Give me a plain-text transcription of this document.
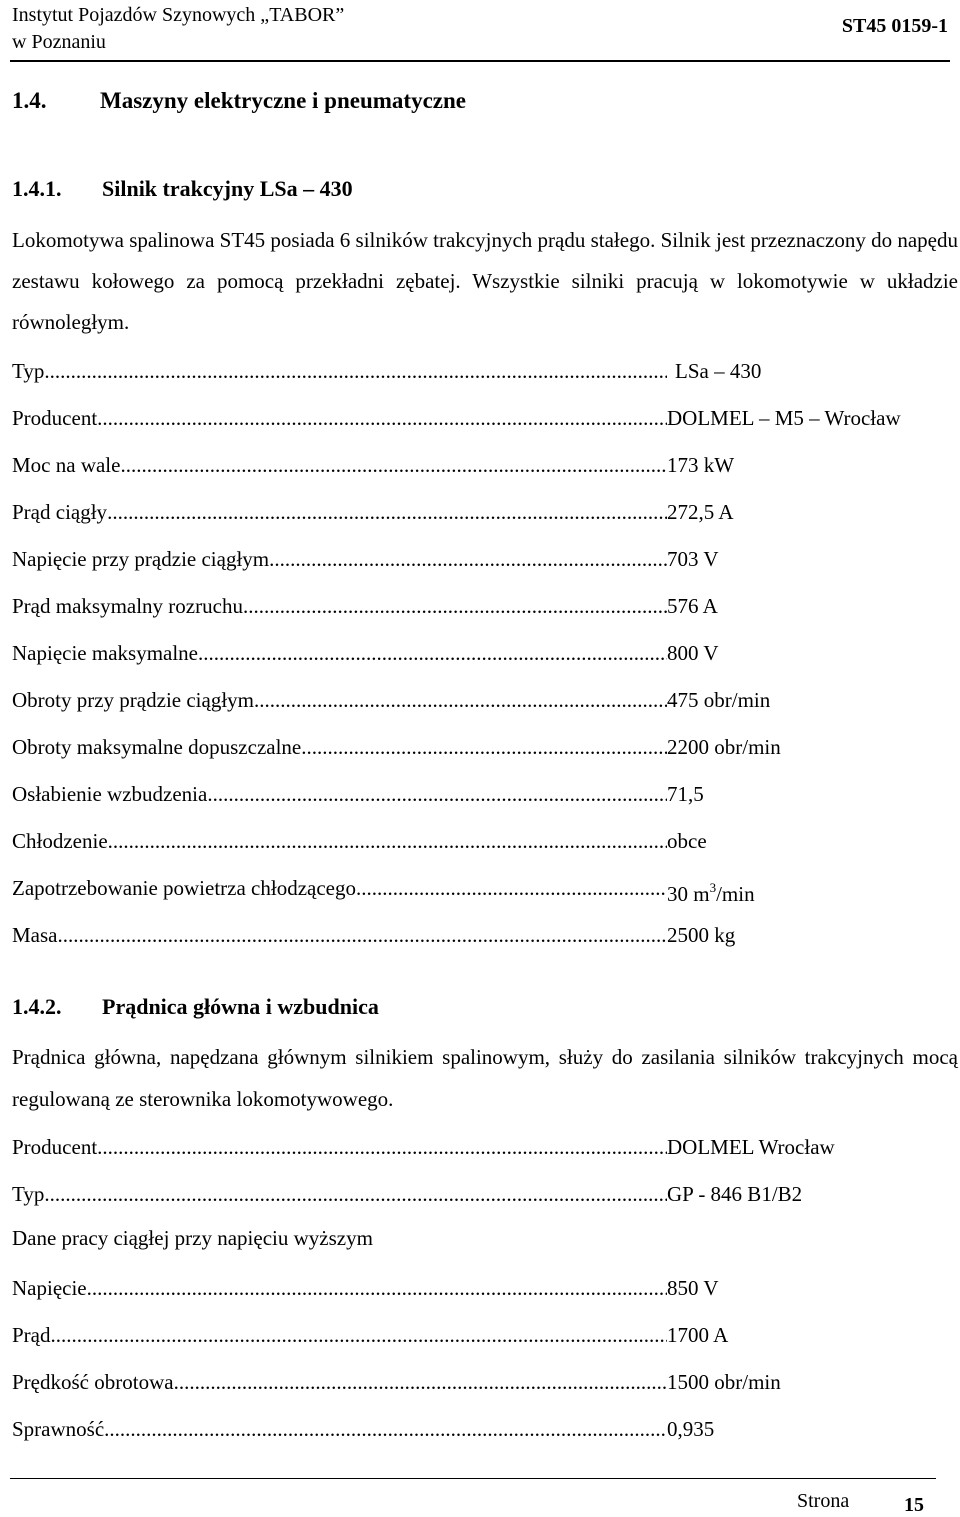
Instytut Pojazdów Szynowych „TABOR”
w Poznaniu
ST45 0159-1
1.4. Maszyny elektryczne i pneumatyczne
1.4.1. Silnik trakcyjny LSa – 430
Lokomotywa spalinowa ST45 posiada 6 silników trakcyjnych prądu stałego. Silnik jest przeznaczony do napędu zestawu kołowego za pomocą przekładni zębatej. Wszystkie silniki pracują w lokomotywie w układzie równoległym.
Typ .....	LSa – 430
Producent .....	DOLMEL – M5 – Wrocław
Moc na wale .....	173 kW
Prąd ciągły .....	272,5 A
Napięcie przy prądzie ciągłym .....	703 V
Prąd maksymalny rozruchu .....	576 A
Napięcie maksymalne .....	800 V
Obroty przy prądzie ciągłym .....	475 obr/min
Obroty maksymalne dopuszczalne .....	2200 obr/min
Osłabienie wzbudzenia .....	71,5
Chłodzenie .....	obce
Zapotrzebowanie powietrza chłodzącego .....	30 $m^3/\min$
Masa .....	2500 kg
1.4.2. Prądnica główna i wzbudnica
Prądnica główna, napędzana głównym silnikiem spalinowym, służy do zasilania silników trakcyjnych mocą regulowaną ze sterownika lokomotywowego.
Producent .....	DOLMEL Wrocław
Typ .....	GP - 846 B1/B2
Dane pracy ciągłej przy napięciu wyższym
Napięcie .....	850 V
Prąd .....	1700 A
Prędkość obrotowa .....	1500 obr/min
Sprawność .....	0,935
Strona	15
